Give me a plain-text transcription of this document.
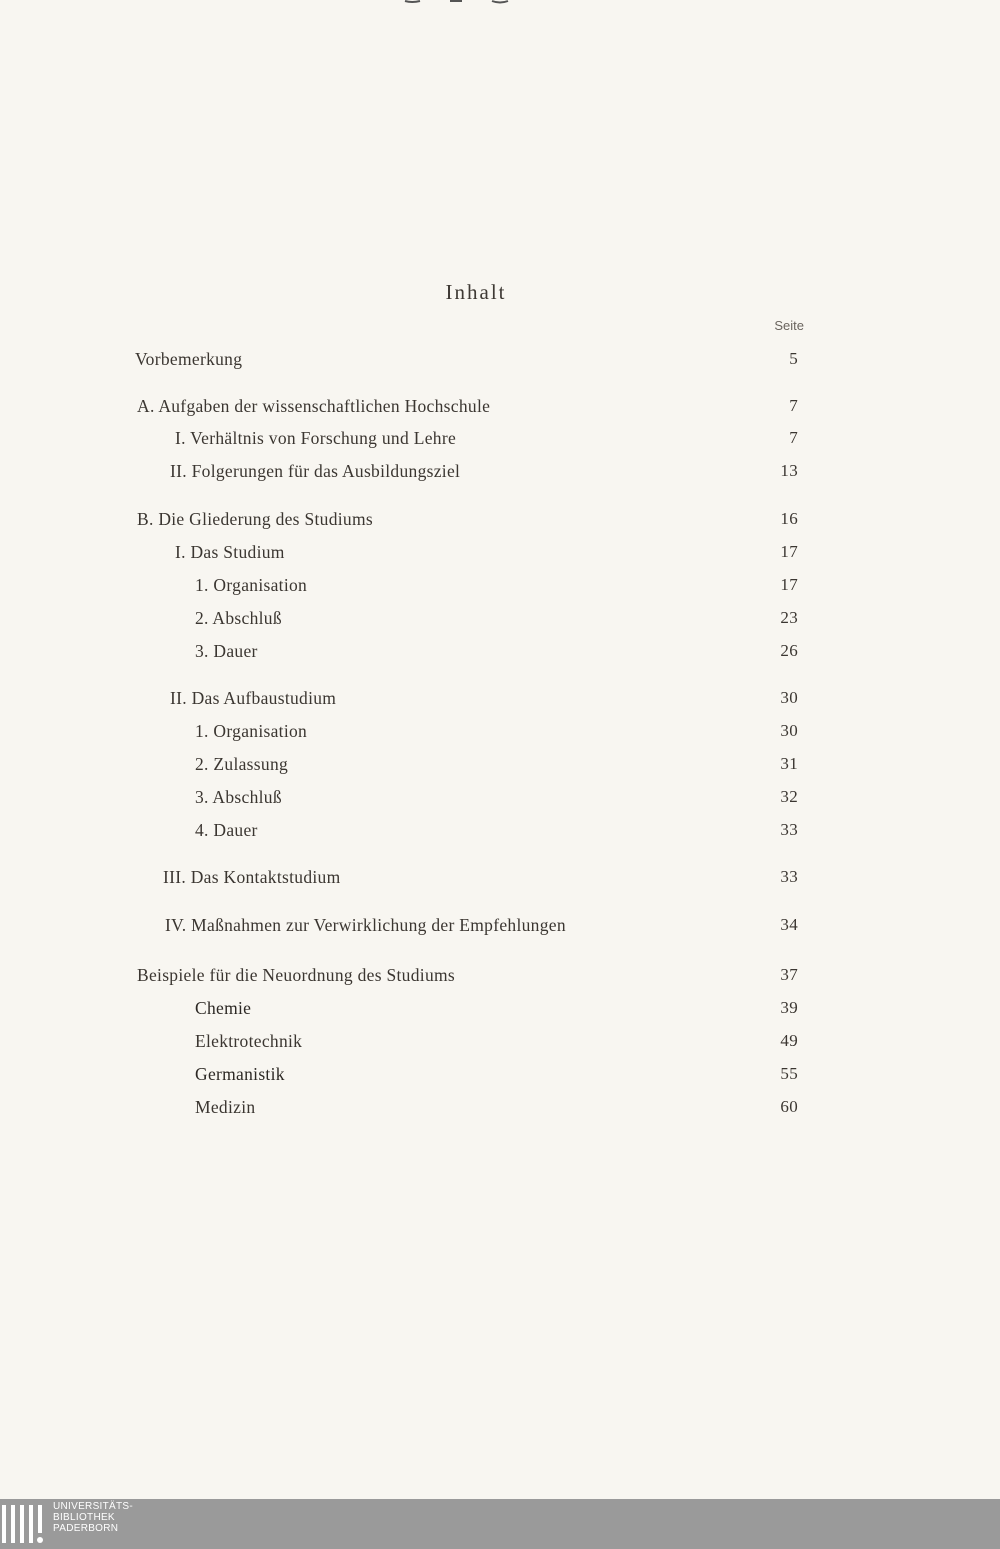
Inhalt
Seite
Vorbemerkung	5
A. Aufgaben der wissenschaftlichen Hochschule	7
I. Verhältnis von Forschung und Lehre	7
II. Folgerungen für das Ausbildungsziel	13
B. Die Gliederung des Studiums	16
I. Das Studium	17
1. Organisation	17
2. Abschluß	23
3. Dauer	26
II. Das Aufbaustudium	30
1. Organisation	30
2. Zulassung	31
3. Abschluß	32
4. Dauer	33
III. Das Kontaktstudium	33
IV. Maßnahmen zur Verwirklichung der Empfehlungen	34
Beispiele für die Neuordnung des Studiums	37
Chemie	39
Elektrotechnik	49
Germanistik	55
Medizin	60
UNIVERSITÄTS-
BIBLIOTHEK
PADERBORN
